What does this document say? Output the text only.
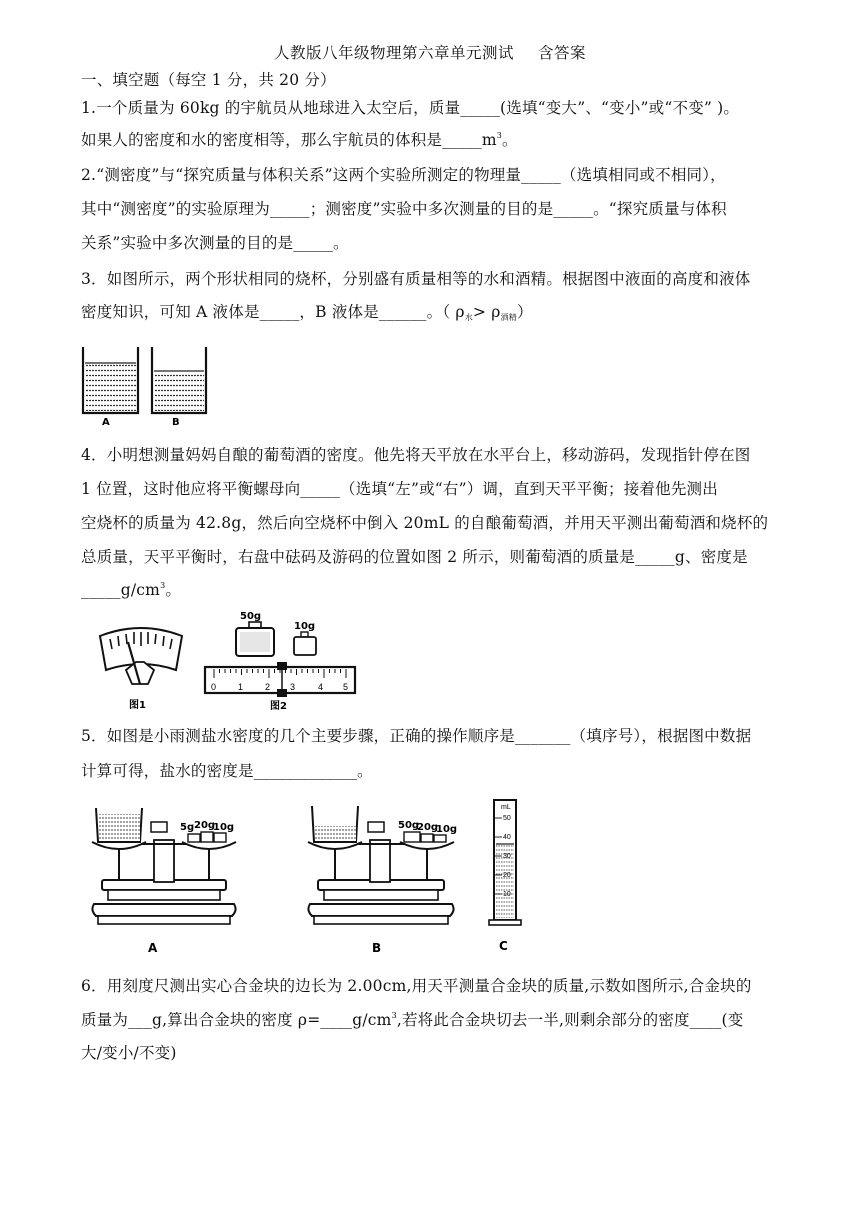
人教版八年级物理第六章单元测试 含答案
一、填空题（每空 1 分，共 20 分）
1.一个质量为 60kg 的宇航员从地球进入太空后，质量_____(选填“变大”、“变小”或“不变” )。
如果人的密度和水的密度相等，那么宇航员的体积是$\_\_\_\_\_m^3$。
2.“测密度”与“探究质量与体积关系”这两个实验所测定的物理量_____（选填相同或不相同），
其中“测密度”的实验原理为_____；测密度”实验中多次测量的目的是_____。“探究质量与体积
关系”实验中多次测量的目的是_____。
3．如图所示，两个形状相同的烧杯，分别盛有质量相等的水和酒精。根据图中液面的高度和液体
密度知识，可知 A 液体是_____，B 液体是______。（ $\rho_水> \rho_{酒精}$）
A	B
4．小明想测量妈妈自酿的葡萄酒的密度。他先将天平放在水平台上，移动游码，发现指针停在图
1 位置，这时他应将平衡螺母向_____（选填“左”或“右”）调，直到天平平衡；接着他先测出
空烧杯的质量为 42.8g，然后向空烧杯中倒入 20mL 的自酿葡萄酒，并用天平测出葡萄酒和烧杯的
总质量，天平平衡时，右盘中砝码及游码的位置如图 2 所示，则葡萄酒的质量是_____g、密度是
$\_\_\_\_\_g/cm^3$。
图1
50g
10g
0 1 2 3	4 5
图2
5．如图是小雨测盐水密度的几个主要步骤，正确的操作顺序是_______（填序号），根据图中数据
计算可得，盐水的密度是_____________。
5g 20g
10g
A
50g
20g
10g
B
mL
50
40
30
20
10
C
6．用刻度尺测出实心合金块的边长为 2.00cm,用天平测量合金块的质量,示数如图所示,合金块的
质量为___g,算出合金块的密度 $\rho=\_\_\_\_g/cm^3$,若将此合金块切去一半,则剩余部分的密度____(变
大/变小/不变)
